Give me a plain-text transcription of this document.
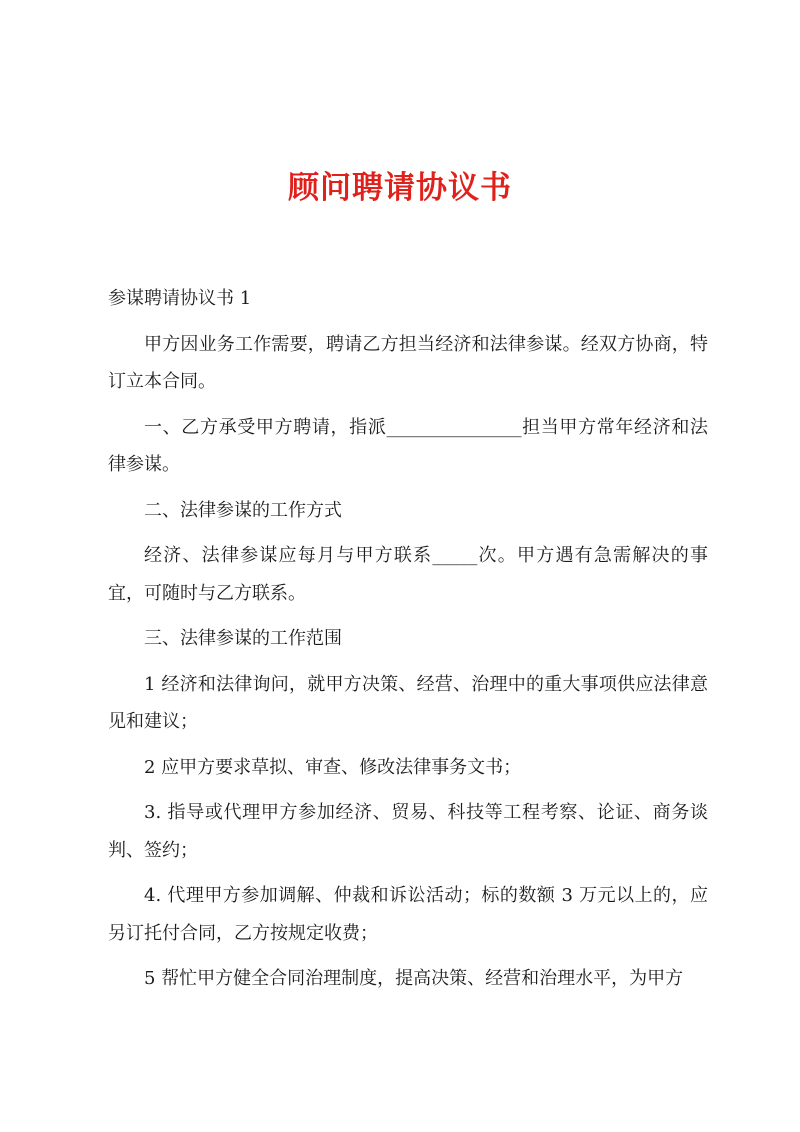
顾问聘请协议书

参谋聘请协议书 1

甲方因业务工作需要，聘请乙方担当经济和法律参谋。经双方协商，特订立本合同。

一、乙方承受甲方聘请，指派_______________担当甲方常年经济和法律参谋。

二、法律参谋的工作方式

经济、法律参谋应每月与甲方联系_____次。甲方遇有急需解决的事宜，可随时与乙方联系。

三、法律参谋的工作范围

1 经济和法律询问，就甲方决策、经营、治理中的重大事项供应法律意见和建议；

2 应甲方要求草拟、审查、修改法律事务文书；

3. 指导或代理甲方参加经济、贸易、科技等工程考察、论证、商务谈判、签约；

4. 代理甲方参加调解、仲裁和诉讼活动；标的数额 3 万元以上的，应另订托付合同，乙方按规定收费；

5 帮忙甲方健全合同治理制度，提高决策、经营和治理水平，为甲方
